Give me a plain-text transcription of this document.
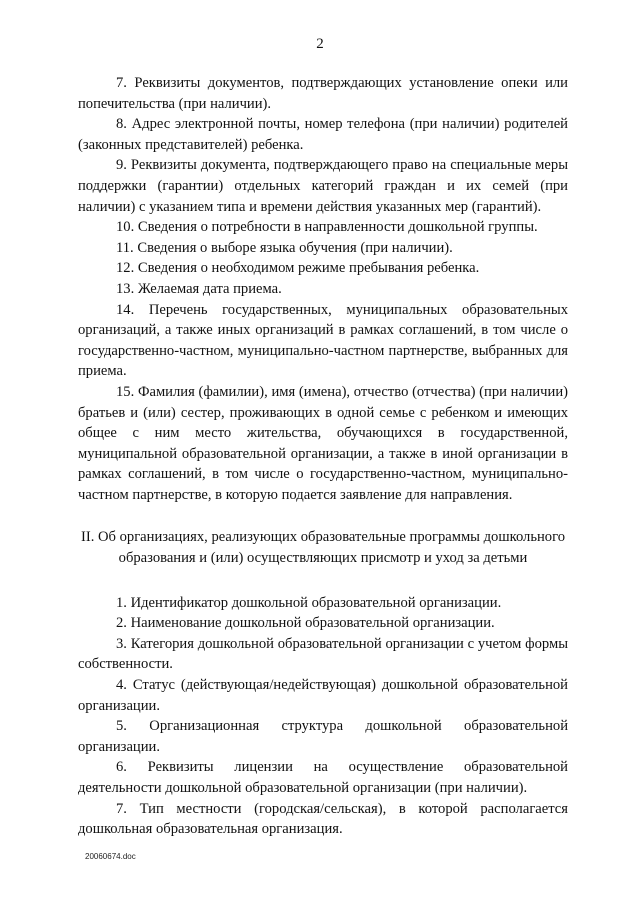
2

7. Реквизиты документов, подтверждающих установление опеки или попечительства (при наличии).

8. Адрес электронной почты, номер телефона (при наличии) родителей (законных представителей) ребенка.

9. Реквизиты документа, подтверждающего право на специальные меры поддержки (гарантии) отдельных категорий граждан и их семей (при наличии) с указанием типа и времени действия указанных мер (гарантий).

10. Сведения о потребности в направленности дошкольной группы.

11. Сведения о выборе языка обучения (при наличии).

12. Сведения о необходимом режиме пребывания ребенка.

13. Желаемая дата приема.

14. Перечень государственных, муниципальных образовательных организаций, а также иных организаций в рамках соглашений, в том числе о государственно-частном, муниципально-частном партнерстве, выбранных для приема.

15. Фамилия (фамилии), имя (имена), отчество (отчества) (при наличии) братьев и (или) сестер, проживающих в одной семье с ребенком и имеющих общее с ним место жительства, обучающихся в государственной, муниципальной образовательной организации, а также в иной организации в рамках соглашений, в том числе о государственно-частном, муниципально-частном партнерстве, в которую подается заявление для направления.

II. Об организациях, реализующих образовательные программы дошкольного образования и (или) осуществляющих присмотр и уход за детьми

1. Идентификатор дошкольной образовательной организации.

2. Наименование дошкольной образовательной организации.

3. Категория дошкольной образовательной организации с учетом формы собственности.

4. Статус (действующая/недействующая) дошкольной образовательной организации.

5. Организационная структура дошкольной образовательной организации.

6. Реквизиты лицензии на осуществление образовательной деятельности дошкольной образовательной организации (при наличии).

7. Тип местности (городская/сельская), в которой располагается дошкольная образовательная организация.

20060674.doc
